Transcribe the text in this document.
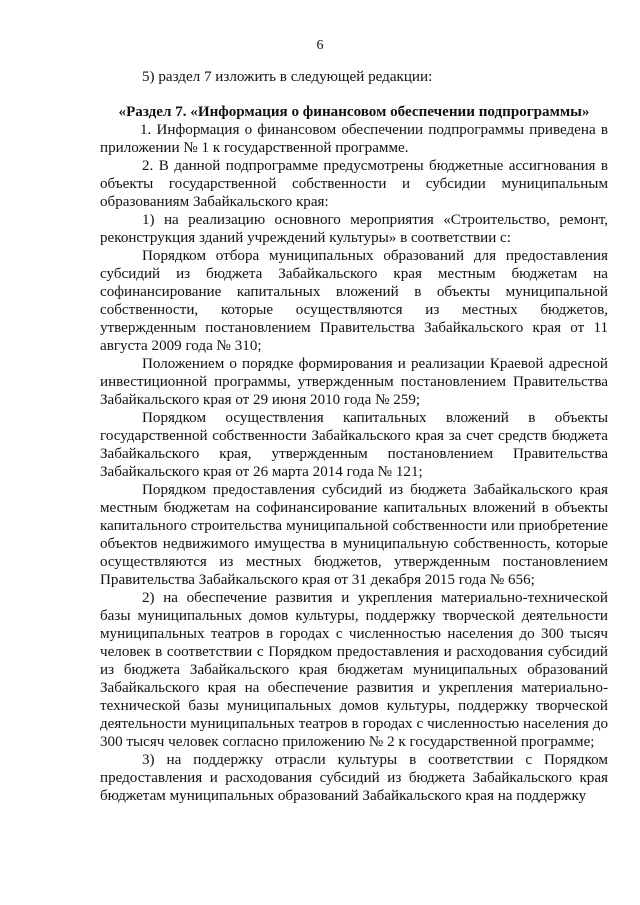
6

5) раздел 7 изложить в следующей редакции:

«Раздел 7. «Информация о финансовом обеспечении подпрограммы»

1. Информация о финансовом обеспечении подпрограммы приведена в приложении № 1 к государственной программе.

2. В данной подпрограмме предусмотрены бюджетные ассигнования в объекты государственной собственности и субсидии муниципальным образованиям Забайкальского края:

1) на реализацию основного мероприятия «Строительство, ремонт, реконструкция зданий учреждений культуры» в соответствии с:

Порядком отбора муниципальных образований для предоставления субсидий из бюджета Забайкальского края местным бюджетам на софинансирование капитальных вложений в объекты муниципальной собственности, которые осуществляются из местных бюджетов, утвержденным постановлением Правительства Забайкальского края от 11 августа 2009 года № 310;

Положением о порядке формирования и реализации Краевой адресной инвестиционной программы, утвержденным постановлением Правительства Забайкальского края от 29 июня 2010 года № 259;

Порядком осуществления капитальных вложений в объекты государственной собственности Забайкальского края за счет средств бюджета Забайкальского края, утвержденным постановлением Правительства Забайкальского края от 26 марта 2014 года № 121;

Порядком предоставления субсидий из бюджета Забайкальского края местным бюджетам на софинансирование капитальных вложений в объекты капитального строительства муниципальной собственности или приобретение объектов недвижимого имущества в муниципальную собственность, которые осуществляются из местных бюджетов, утвержденным постановлением Правительства Забайкальского края от 31 декабря 2015 года № 656;

2) на обеспечение развития и укрепления материально-технической базы муниципальных домов культуры, поддержку творческой деятельности муниципальных театров в городах с численностью населения до 300 тысяч человек в соответствии с Порядком предоставления и расходования субсидий из бюджета Забайкальского края бюджетам муниципальных образований Забайкальского края на обеспечение развития и укрепления материально-технической базы муниципальных домов культуры, поддержку творческой деятельности муниципальных театров в городах с численностью населения до 300 тысяч человек согласно приложению № 2 к государственной программе;

3) на поддержку отрасли культуры в соответствии с Порядком предоставления и расходования субсидий из бюджета Забайкальского края бюджетам муниципальных образований Забайкальского края на поддержку
